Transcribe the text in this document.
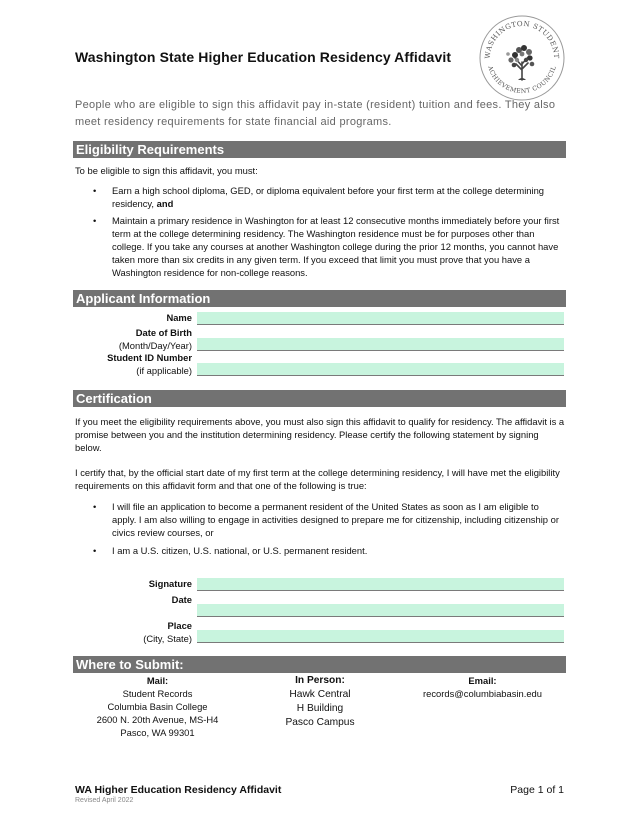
Washington State Higher Education Residency Affidavit	WASHINGTON STUDENT
ACHIEVEMENT COUNCIL
People who are eligible to sign this affidavit pay in-state (resident) tuition and fees. They also meet residency requirements for state financial aid programs.
Eligibility Requirements
To be eligible to sign this affidavit, you must:
•	Earn a high school diploma, GED, or diploma equivalent before your first term at the college determining residency, and
•	Maintain a primary residence in Washington for at least 12 consecutive months immediately before your first term at the college determining residency. The Washington residence must be for purposes other than college. If you take any courses at another Washington college during the prior 12 months, you cannot have taken more than six credits in any given term. If you exceed that limit you must prove that you have a Washington residence for non-college reasons.
Applicant Information
Name
Date of Birth
(Month/Day/Year)
Student ID Number
(if applicable)
Certification
If you meet the eligibility requirements above, you must also sign this affidavit to qualify for residency. The affidavit is a promise between you and the institution determining residency. Please certify the following statement by signing below.
I certify that, by the official start date of my first term at the college determining residency, I will have met the eligibility requirements on this affidavit form and that one of the following is true:
•	I will file an application to become a permanent resident of the United States as soon as I am eligible to apply. I am also willing to engage in activities designed to prepare me for citizenship, including citizenship or civics review courses, or
•	I am a U.S. citizen, U.S. national, or U.S. permanent resident.
Signature
Date
Place
(City, State)
Where to Submit:
Mail:
Student Records
Columbia Basin College
2600 N. 20th Avenue, MS-H4
Pasco, WA 99301
In Person:
Hawk Central
H Building
Pasco Campus
Email:
records@columbiabasin.edu
WA Higher Education Residency Affidavit	Page 1 of 1
Revised April 2022
